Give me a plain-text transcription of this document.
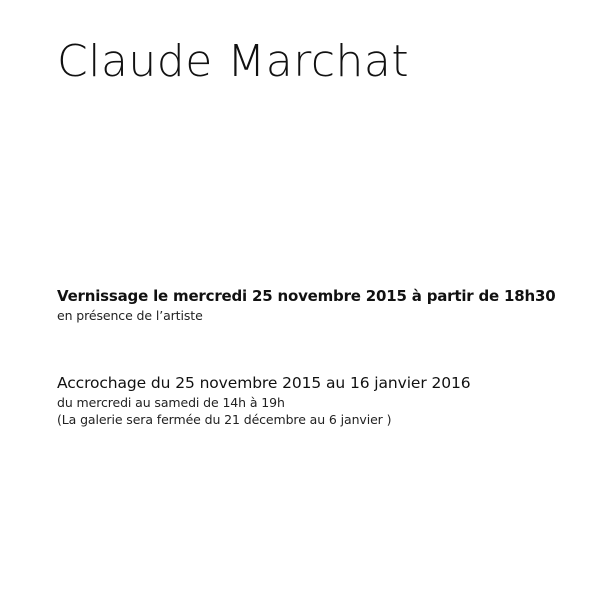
Claude Marchat
Vernissage le mercredi 25 novembre 2015 à partir de 18h30
en présence de l’artiste
Accrochage du 25 novembre 2015 au 16 janvier 2016
du mercredi au samedi de 14h à 19h
(La galerie sera fermée du 21 décembre au 6 janvier )
